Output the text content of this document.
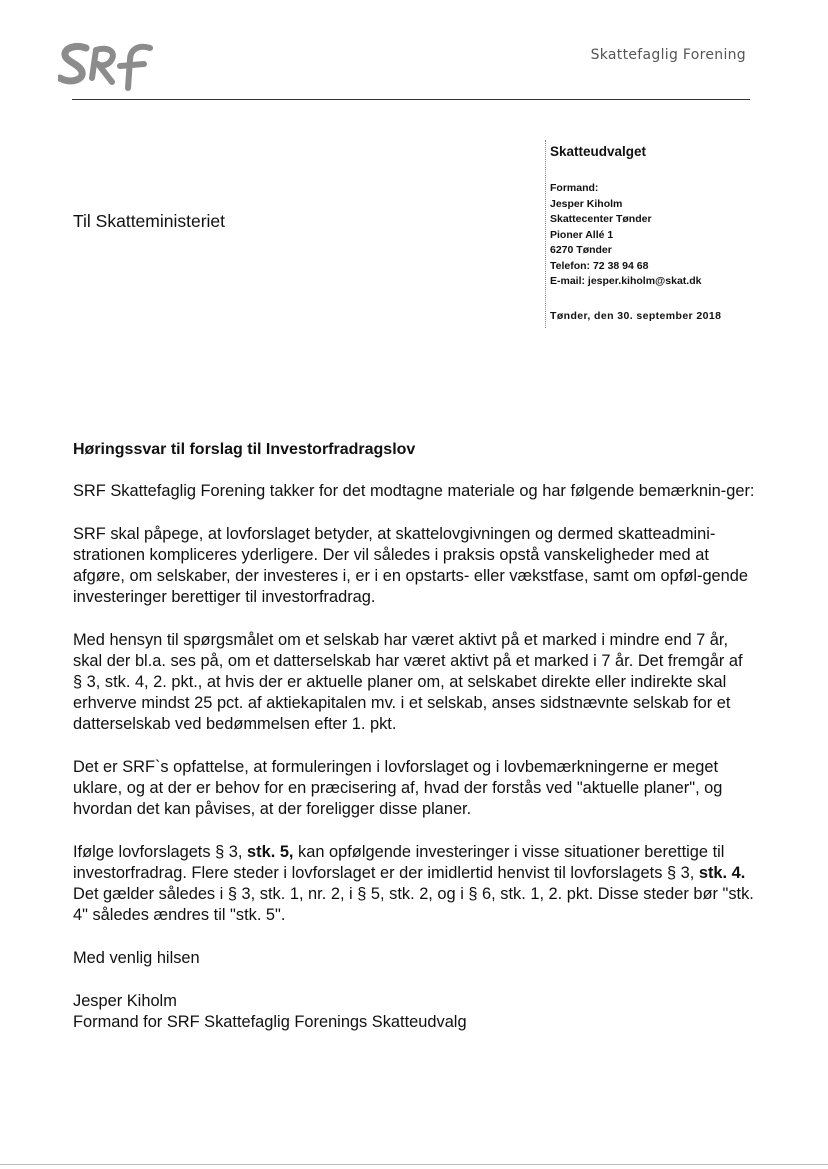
Skattefaglig Forening
Til Skatteministeriet
Skatteudvalget
Formand:
Jesper Kiholm
Skattecenter Tønder
Pioner Allé 1
6270 Tønder
Telefon: 72 38 94 68
E-mail: jesper.kiholm@skat.dk
Tønder, den 30. september 2018
Høringssvar til forslag til Investorfradragslov

SRF Skattefaglig Forening takker for det modtagne materiale og har følgende bemærknin-ger:

SRF skal påpege, at lovforslaget betyder, at skattelovgivningen og dermed skatteadmini-strationen kompliceres yderligere. Der vil således i praksis opstå vanskeligheder med at afgøre, om selskaber, der investeres i, er i en opstarts- eller vækstfase, samt om opføl-gende investeringer berettiger til investorfradrag.

Med hensyn til spørgsmålet om et selskab har været aktivt på et marked i mindre end 7 år, skal der bl.a. ses på, om et datterselskab har været aktivt på et marked i 7 år. Det fremgår af § 3, stk. 4, 2. pkt., at hvis der er aktuelle planer om, at selskabet direkte eller indirekte skal erhverve mindst 25 pct. af aktiekapitalen mv. i et selskab, anses sidstnævnte selskab for et datterselskab ved bedømmelsen efter 1. pkt.

Det er SRF`s opfattelse, at formuleringen i lovforslaget og i lovbemærkningerne er meget uklare, og at der er behov for en præcisering af, hvad der forstås ved "aktuelle planer", og hvordan det kan påvises, at der foreligger disse planer.

Ifølge lovforslagets § 3, stk. 5, kan opfølgende investeringer i visse situationer berettige til investorfradrag. Flere steder i lovforslaget er der imidlertid henvist til lovforslagets § 3, stk. 4. Det gælder således i § 3, stk. 1, nr. 2, i § 5, stk. 2, og i § 6, stk. 1, 2. pkt. Disse steder bør "stk. 4" således ændres til "stk. 5".

Med venlig hilsen
Jesper Kiholm
Formand for SRF Skattefaglig Forenings Skatteudvalg
